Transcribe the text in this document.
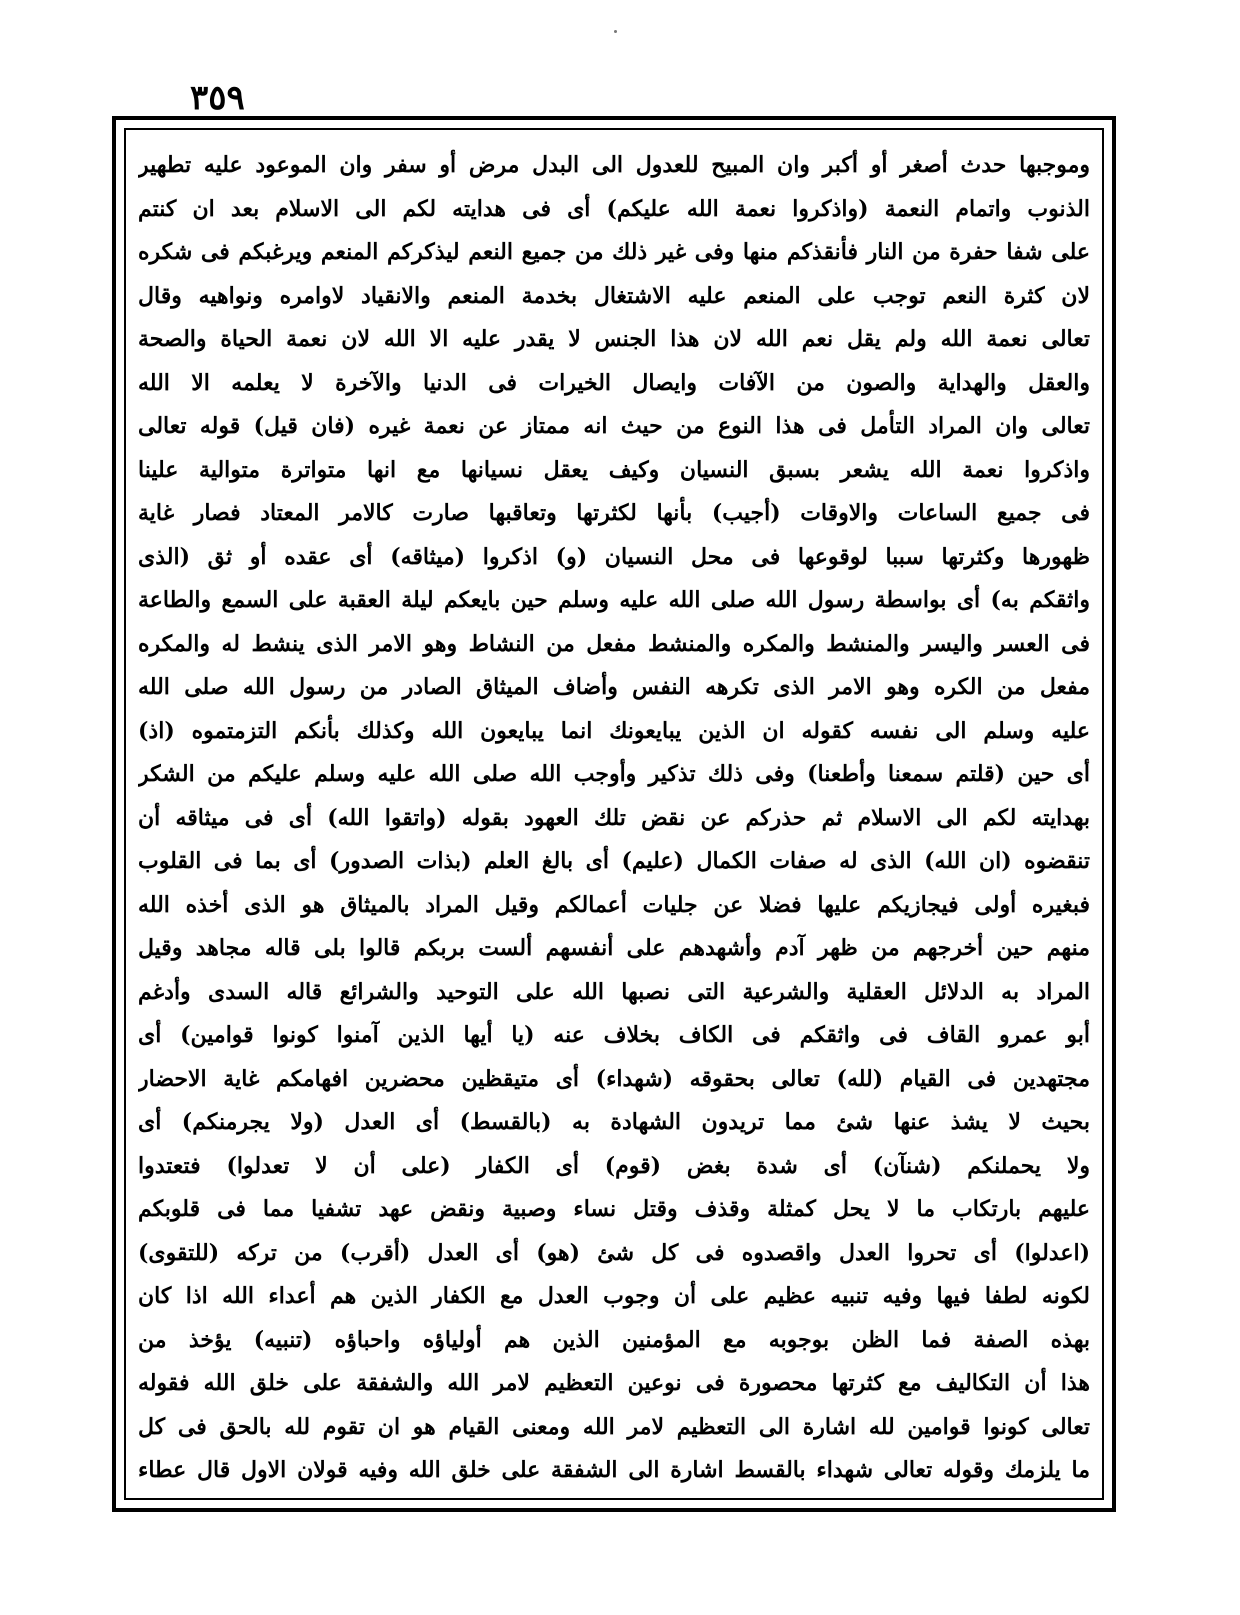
٣٥٩
وموجبها حدث أصغر أو أكبر وان المبيح للعدول الى البدل مرض أو سفر وان الموعود عليه تطهير
الذنوب واتمام النعمة (واذكروا نعمة الله عليكم) أى فى هدايته لكم الى الاسلام بعد ان كنتم
على شفا حفرة من النار فأنقذكم منها وفى غير ذلك من جميع النعم ليذكركم المنعم ويرغبكم فى شكره
لان كثرة النعم توجب على المنعم عليه الاشتغال بخدمة المنعم والانقياد لاوامره ونواهيه وقال
تعالى نعمة الله ولم يقل نعم الله لان هذا الجنس لا يقدر عليه الا الله لان نعمة الحياة والصحة
والعقل والهداية والصون من الآفات وايصال الخيرات فى الدنيا والآخرة لا يعلمه الا الله
تعالى وان المراد التأمل فى هذا النوع من حيث انه ممتاز عن نعمة غيره (فان قيل) قوله تعالى
واذكروا نعمة الله يشعر بسبق النسيان وكيف يعقل نسيانها مع انها متواترة متوالية علينا
فى جميع الساعات والاوقات (أجيب) بأنها لكثرتها وتعاقبها صارت كالامر المعتاد فصار غاية
ظهورها وكثرتها سببا لوقوعها فى محل النسيان (و) اذكروا (ميثاقه) أى عقده أو ثق (الذى
واثقكم به) أى بواسطة رسول الله صلى الله عليه وسلم حين بايعكم ليلة العقبة على السمع والطاعة
فى العسر واليسر والمنشط والمكره والمنشط مفعل من النشاط وهو الامر الذى ينشط له والمكره
مفعل من الكره وهو الامر الذى تكرهه النفس وأضاف الميثاق الصادر من رسول الله صلى الله
عليه وسلم الى نفسه كقوله ان الذين يبايعونك انما يبايعون الله وكذلك بأنكم التزمتموه (اذ)
أى حين (قلتم سمعنا وأطعنا) وفى ذلك تذكير وأوجب الله صلى الله عليه وسلم عليكم من الشكر
بهدايته لكم الى الاسلام ثم حذركم عن نقض تلك العهود بقوله (واتقوا الله) أى فى ميثاقه أن
تنقضوه (ان الله) الذى له صفات الكمال (عليم) أى بالغ العلم (بذات الصدور) أى بما فى القلوب
فبغيره أولى فيجازيكم عليها فضلا عن جليات أعمالكم وقيل المراد بالميثاق هو الذى أخذه الله
منهم حين أخرجهم من ظهر آدم وأشهدهم على أنفسهم ألست بربكم قالوا بلى قاله مجاهد وقيل
المراد به الدلائل العقلية والشرعية التى نصبها الله على التوحيد والشرائع قاله السدى وأدغم
أبو عمرو القاف فى واثقكم فى الكاف بخلاف عنه (يا أيها الذين آمنوا كونوا قوامين) أى
مجتهدين فى القيام (لله) تعالى بحقوقه (شهداء) أى متيقظين محضرين افهامكم غاية الاحضار
بحيث لا يشذ عنها شئ مما تريدون الشهادة به (بالقسط) أى العدل (ولا يجرمنكم) أى
ولا يحملنكم (شنآن) أى شدة بغض (قوم) أى الكفار (على أن لا تعدلوا) فتعتدوا
عليهم بارتكاب ما لا يحل كمثلة وقذف وقتل نساء وصبية ونقض عهد تشفيا مما فى قلوبكم
(اعدلوا) أى تحروا العدل واقصدوه فى كل شئ (هو) أى العدل (أقرب) من تركه (للتقوى)
لكونه لطفا فيها وفيه تنبيه عظيم على أن وجوب العدل مع الكفار الذين هم أعداء الله اذا كان
بهذه الصفة فما الظن بوجوبه مع المؤمنين الذين هم أولياؤه واحباؤه (تنبيه) يؤخذ من
هذا أن التكاليف مع كثرتها محصورة فى نوعين التعظيم لامر الله والشفقة على خلق الله فقوله
تعالى كونوا قوامين لله اشارة الى التعظيم لامر الله ومعنى القيام هو ان تقوم لله بالحق فى كل
ما يلزمك وقوله تعالى شهداء بالقسط اشارة الى الشفقة على خلق الله وفيه قولان الاول قال عطاء
